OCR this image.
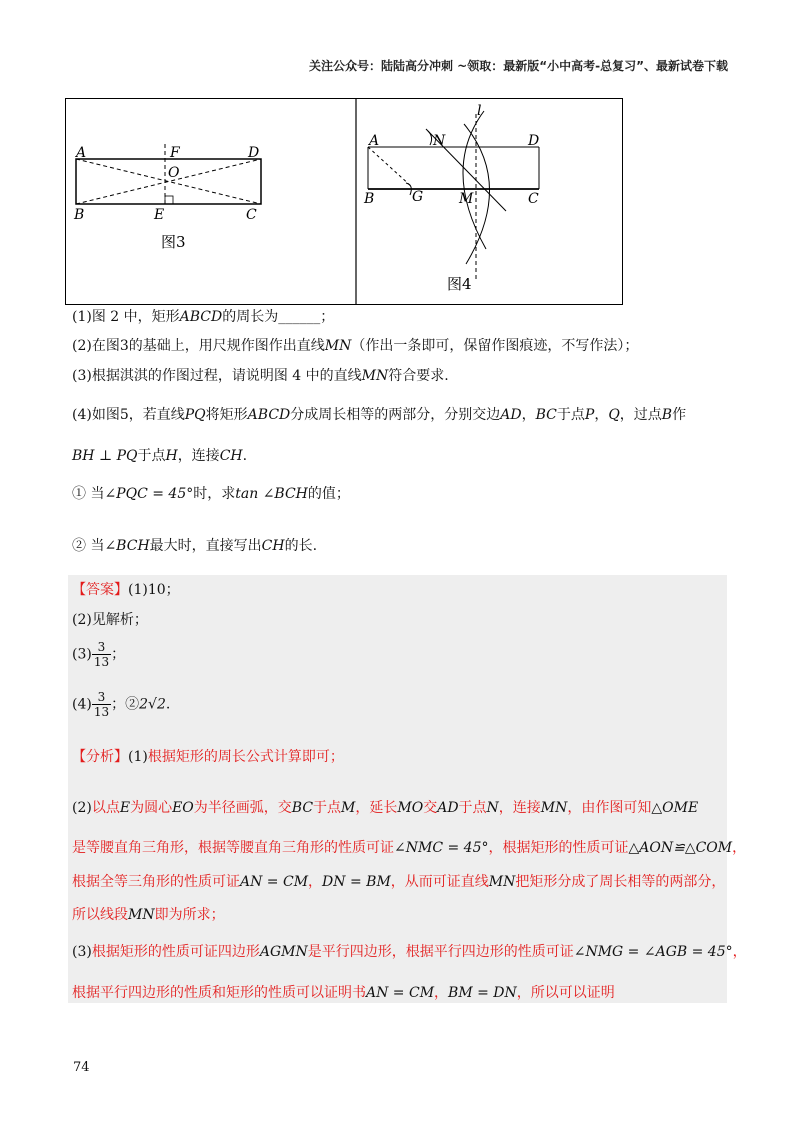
关注公众号：陆陆高分冲刺 ~领取：最新版“小中高考-总复习”、最新试卷下载
A	F	D
O
B	E	C
图3
A	N	D
l
B	G	M	C
图4
(1)图 2 中，矩形ABCD的周长为______；
(2)在图3的基础上，用尺规作图作出直线MN（作出一条即可，保留作图痕迹，不写作法）；
(3)根据淇淇的作图过程，请说明图 4 中的直线MN符合要求.
(4)如图5，若直线PQ将矩形ABCD分成周长相等的两部分，分别交边AD，BC于点P，Q，过点B作
BH ⊥ PQ于点H，连接CH.
① 当∠PQC = 45°时，求tan ∠BCH的值；
② 当∠BCH最大时，直接写出CH的长.
【答案】(1)10；
(2)见解析；
$(3) \frac{3}{13}$ ；
$(4) \frac{3}{13}$ ；②2√2.
【分析】(1)根据矩形的周长公式计算即可；
(2)以点E为圆心EO为半径画弧，交BC于点M，延长MO交AD于点N，连接MN，由作图可知△OME
是等腰直角三角形，根据等腰直角三角形的性质可证∠NMC = 45°，根据矩形的性质可证△AON≌△COM，
根据全等三角形的性质可证AN = CM，DN = BM，从而可证直线MN把矩形分成了周长相等的两部分，
所以线段MN即为所求；
(3)根据矩形的性质可证四边形AGMN是平行四边形，根据平行四边形的性质可证∠NMG = ∠AGB = 45°，
根据平行四边形的性质和矩形的性质可以证明书AN = CM，BM = DN，所以可以证明
74
